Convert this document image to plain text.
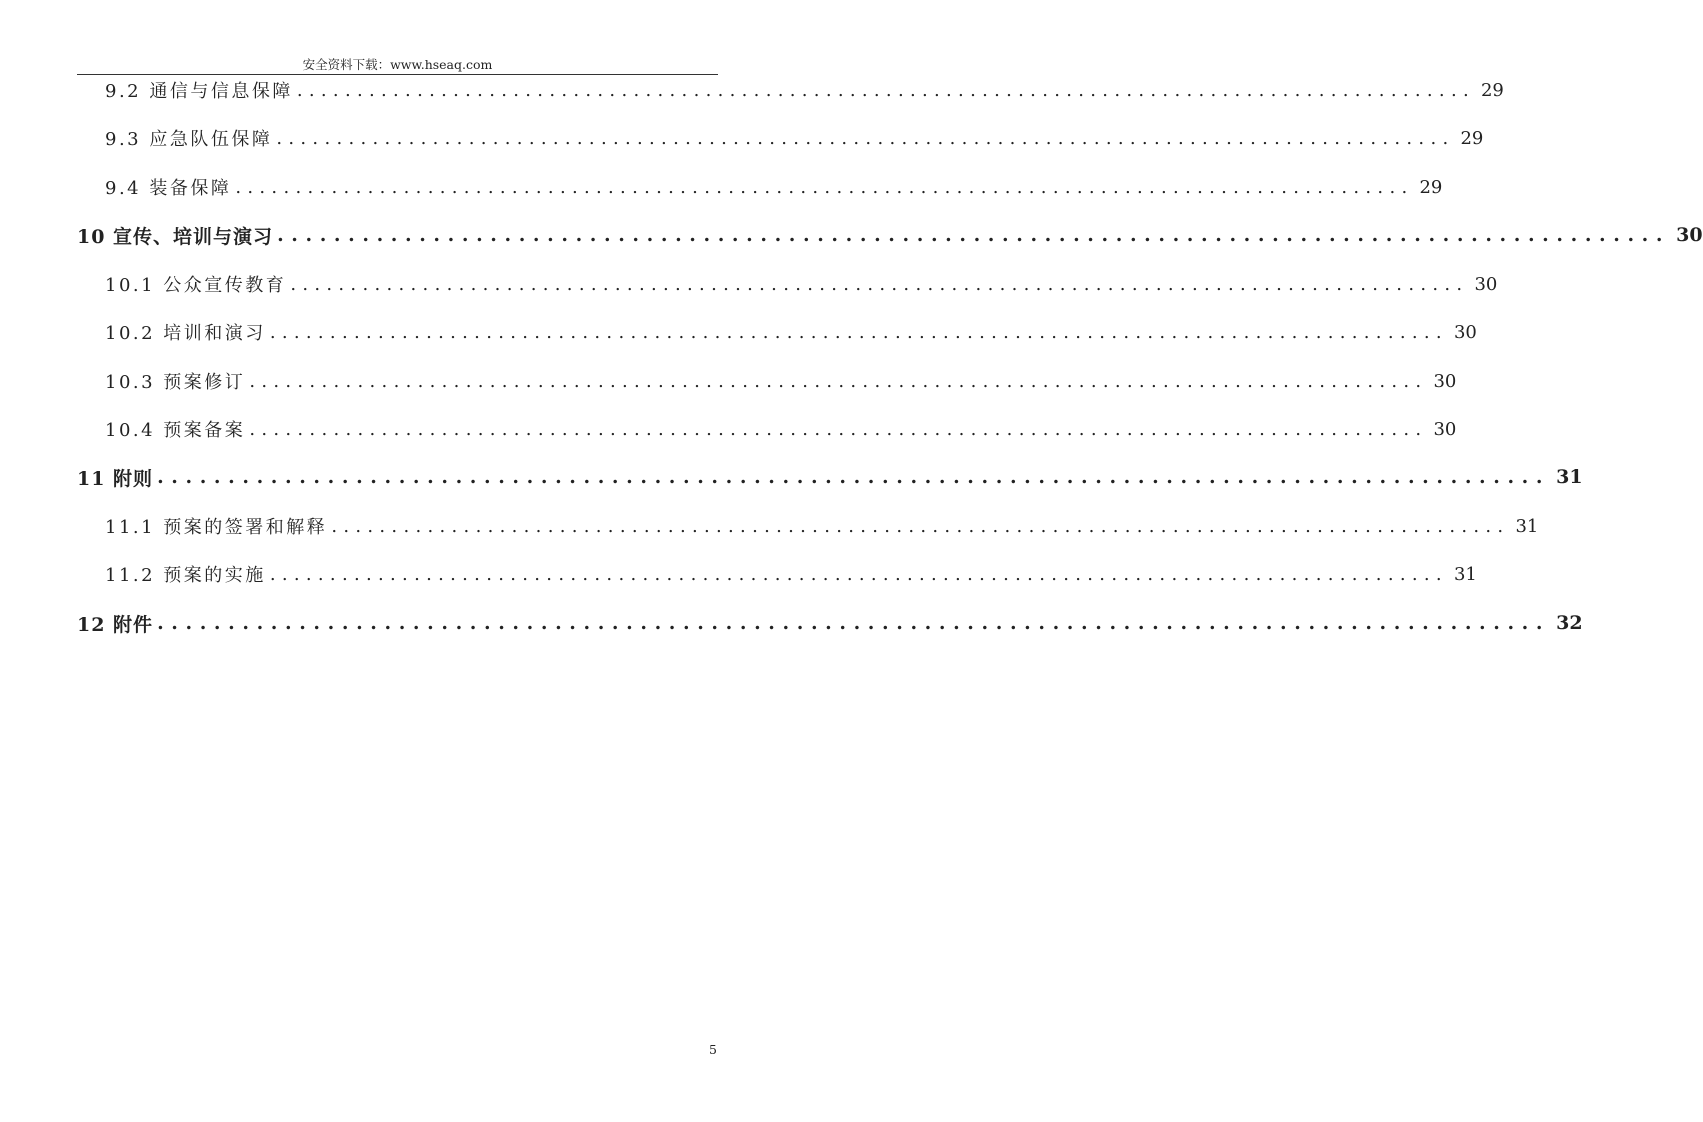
安全资料下载：www.hseaq.com
9.2 通信与信息保障 .................................................................................................. 29
9.3 应急队伍保障 .................................................................................................. 29
9.4 装备保障 .................................................................................................. 29
10 宣传、培训与演习 .................................................................................................. 30
10.1 公众宣传教育 .................................................................................................. 30
10.2 培训和演习 .................................................................................................. 30
10.3 预案修订 .................................................................................................. 30
10.4 预案备案 .................................................................................................. 30
11 附则 .................................................................................................. 31
11.1 预案的签署和解释 .................................................................................................. 31
11.2 预案的实施 .................................................................................................. 31
12 附件 .................................................................................................. 32
5
